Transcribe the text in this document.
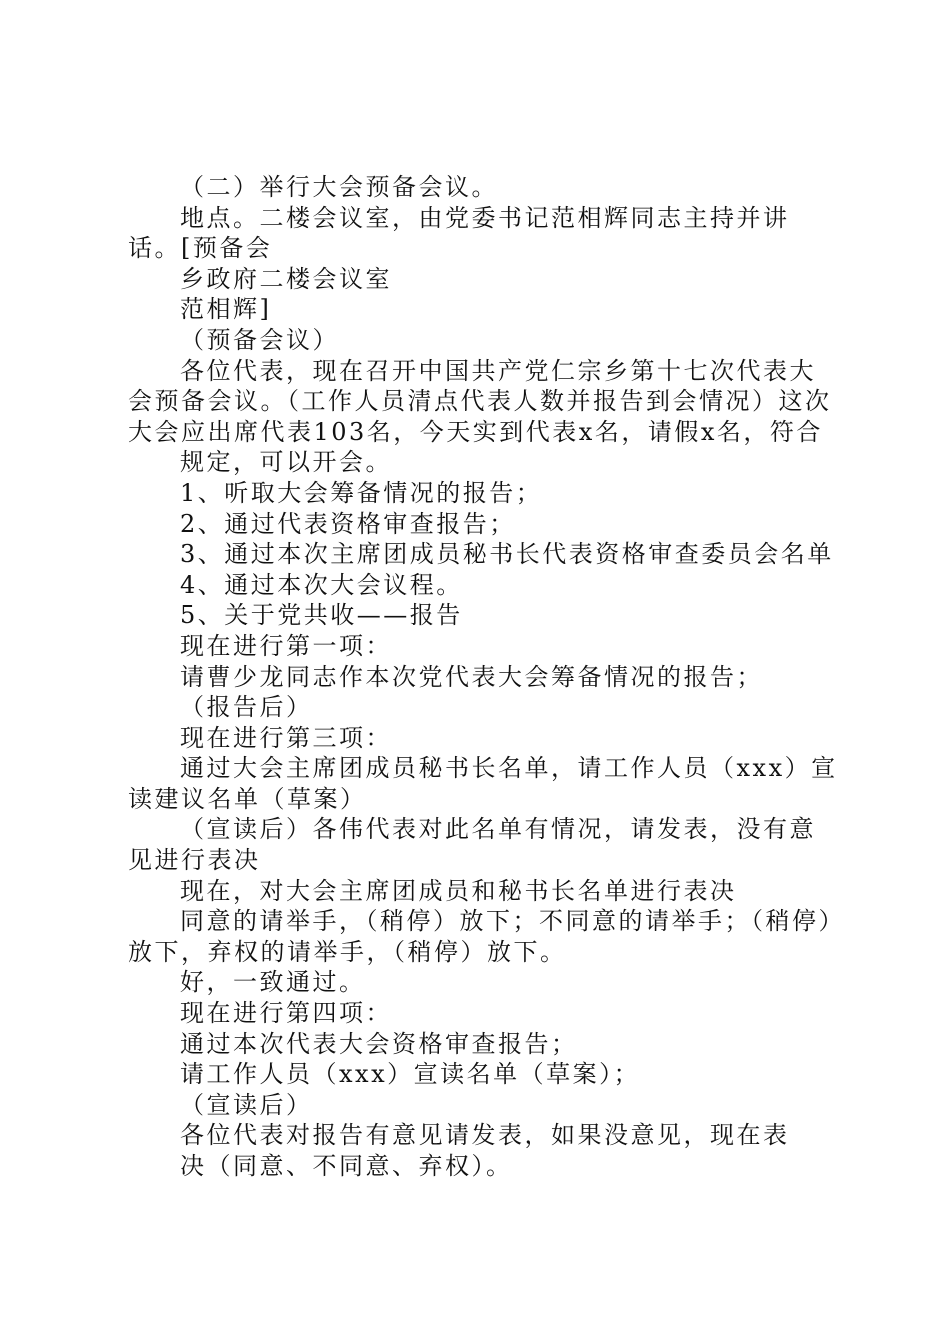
（二）举行大会预备会议。

地点。二楼会议室，由党委书记范相辉同志主持并讲话。[预备会

乡政府二楼会议室

范相辉]

（预备会议）

各位代表，现在召开中国共产党仁宗乡第十七次代表大会预备会议。（工作人员清点代表人数并报告到会情况）这次大会应出席代表103名，今天实到代表x名，请假x名，符合

规定，可以开会。

1、听取大会筹备情况的报告；

2、通过代表资格审查报告；

3、通过本次主席团成员秘书长代表资格审查委员会名单

4、通过本次大会议程。

5、关于党共收——报告

现在进行第一项：

请曹少龙同志作本次党代表大会筹备情况的报告；

（报告后）

现在进行第三项：

通过大会主席团成员秘书长名单，请工作人员（xxx）宣读建议名单（草案）

（宣读后）各伟代表对此名单有情况，请发表，没有意见进行表决

现在，对大会主席团成员和秘书长名单进行表决

同意的请举手，（稍停）放下；不同意的请举手；（稍停）放下，弃权的请举手，（稍停）放下。

好，一致通过。

现在进行第四项：

通过本次代表大会资格审查报告；

请工作人员（xxx）宣读名单（草案）；

（宣读后）

各位代表对报告有意见请发表，如果没意见，现在表

决（同意、不同意、弃权）。
